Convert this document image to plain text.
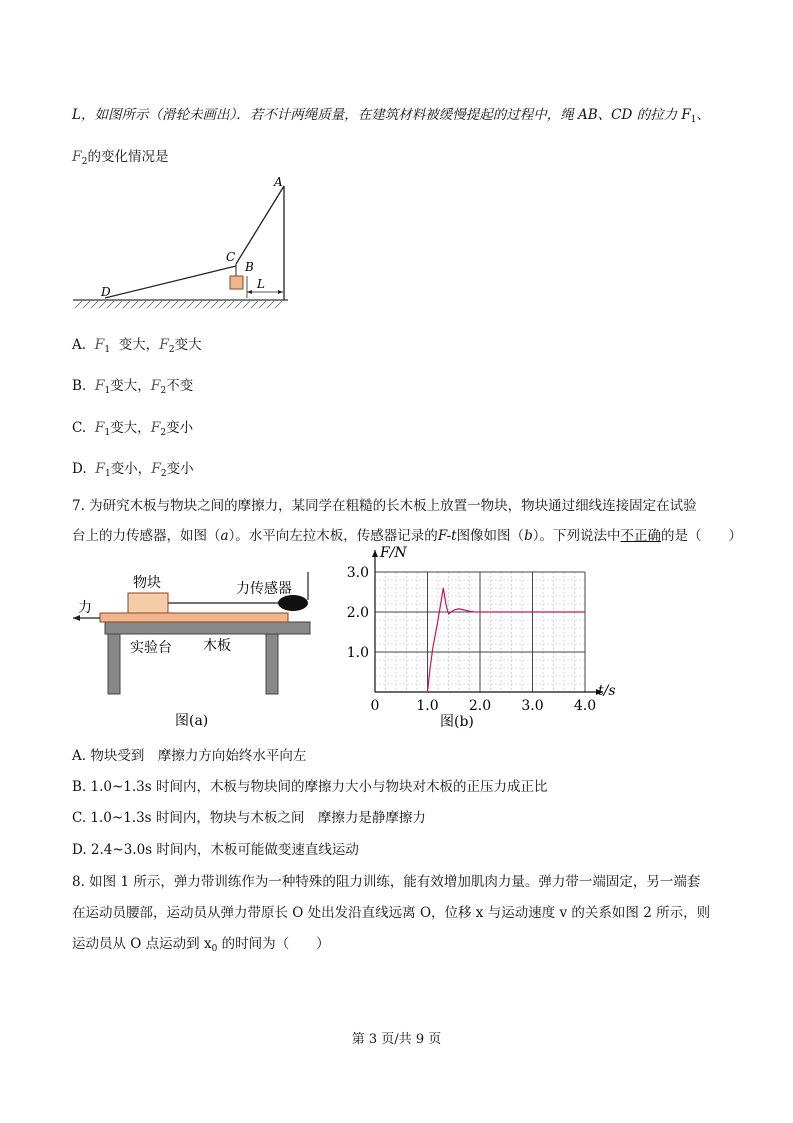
L，如图所示（滑轮未画出）．若不计两绳质量，在建筑材料被缓慢提起的过程中，绳 AB、CD 的拉力 $F_1$、
$F_2$的变化情况是
A
C
B
D
L
A. $F_1$ 变大，$F_2$变大
B. $F_1$变大，$F_2$不变
C. $F_1$变大，$F_2$变小
D. $F_1$变小，$F_2$变小
7. 为研究木板与物块之间的摩擦力，某同学在粗糙的长木板上放置一物块，物块通过细线连接固定在试验
台上的力传感器，如图（a）。水平向左拉木板，传感器记录的F-t图像如图（b）。下列说法中不正确的是（　　）
物块	力传感器
力
实验台 木板
图(a)
3.0
2.0
1.0
0	1.0 2.0 3.0 4.0
F/N
t/s
图(b)
A. 物块受到　摩擦力方向始终水平向左
B. 1.0~1.3s 时间内，木板与物块间的摩擦力大小与物块对木板的正压力成正比
C. 1.0~1.3s 时间内，物块与木板之间　摩擦力是静摩擦力
D. 2.4~3.0s 时间内，木板可能做变速直线运动
8. 如图 1 所示，弹力带训练作为一种特殊的阻力训练，能有效增加肌肉力量。弹力带一端固定，另一端套
在运动员腰部，运动员从弹力带原长 O 处出发沿直线远离 O，位移 x 与运动速度 v 的关系如图 2 所示，则
运动员从 O 点运动到 $x_0$ 的时间为（　　）
第 3 页/共 9 页
